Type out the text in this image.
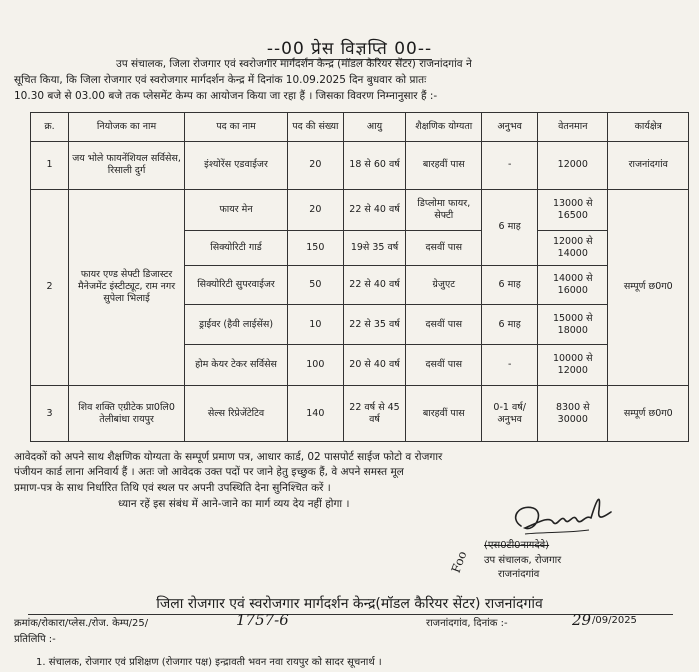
--00 प्रेस विज्ञप्ति 00--
उप संचालक, जिला रोजगार एवं स्वरोजगार मार्गदर्शन केन्द्र (मॉडल कैरियर सेंटर) राजनांदगांव ने
सूचित किया, कि जिला रोजगार एवं स्वरोजगार मार्गदर्शन केन्द्र में दिनांक 10.09.2025 दिन बुधवार को प्रातः
10.30 बजे से 03.00 बजे तक प्लेसमेंट केम्प का आयोजन किया जा रहा हैं । जिसका विवरण निम्नानुसार हैं :-
क्र.	नियोजक का नाम	पद का नाम	पद की संख्या	आयु	शैक्षणिक योग्यता	अनुभव	वेतनमान	कार्यक्षेत्र
1	जय भोले फायनेंशियल सर्विसेस, रिसाली दुर्ग	इंश्योरेंस एडवाईजर	20	18 से 60 वर्ष	बारहवीं पास	-	12000	राजनांदगांव
2	फायर एण्ड सेफ्टी डिजास्टर मैनेजमेंट इंस्टीट्यूट, राम नगर सुपेला भिलाई	फायर मेन	20	22 से 40 वर्ष	डिप्लोमा फायर, सेफ्टी	6 माह	13000 से 16500	सम्पूर्ण छ0ग0
		सिक्योरिटी गार्ड	150	19से 35 वर्ष	दसवीं पास		12000 से 14000	
		सिक्योरिटी सुपरवाईजर	50	22 से 40 वर्ष	ग्रेजुएट	6 माह	14000 से 16000	
		ड्राईवर (हैवी लाईसेंस)	10	22 से 35 वर्ष	दसवीं पास	6 माह	15000 से 18000	
		होम केयर टेकर सर्विसेस	100	20 से 40 वर्ष	दसवीं पास	-	10000 से 12000	
3	शिव शक्ति एग्रीटेक प्रा0लि0 तेलीबांधा रायपुर	सेल्स रिप्रेजेंटेटिव	140	22 वर्ष से 45 वर्ष	बारहवीं पास	0-1 वर्ष/ अनुभव	8300 से 30000	सम्पूर्ण छ0ग0
आवेदकों को अपने साथ शैक्षणिक योग्यता के सम्पूर्ण प्रमाण पत्र, आधार कार्ड, 02 पासपोर्ट साईज फोटो व रोजगार
पंजीयन कार्ड लाना अनिवार्य हैं । अतः जो आवेदक उक्त पदों पर जाने हेतु इच्छुक हैं, वे अपने समस्त मूल
प्रमाण-पत्र के साथ निर्धारित तिथि एवं स्थल पर अपनी उपस्थिति देना सुनिश्चित करें ।
ध्यान रहें इस संबंध में आने-जाने का मार्ग व्यय देय नहीं होगा ।
(एस0टी0नागदेवे)
उप संचालक, रोजगार
राजनांदगांव
Foo
जिला रोजगार एवं स्वरोजगार मार्गदर्शन केन्द्र(मॉडल कैरियर सेंटर) राजनांदगांव
क्रमांक/रोकारा/प्लेस./रोज. केम्प/25/	1757-6	राजनांदगांव, दिनांक :-	29 /09/2025
प्रतिलिपि :-
1. संचालक, रोजगार एवं प्रशिक्षण (रोजगार पक्ष) इन्द्रावती भवन नवा रायपुर को सादर सूचनार्थ ।
